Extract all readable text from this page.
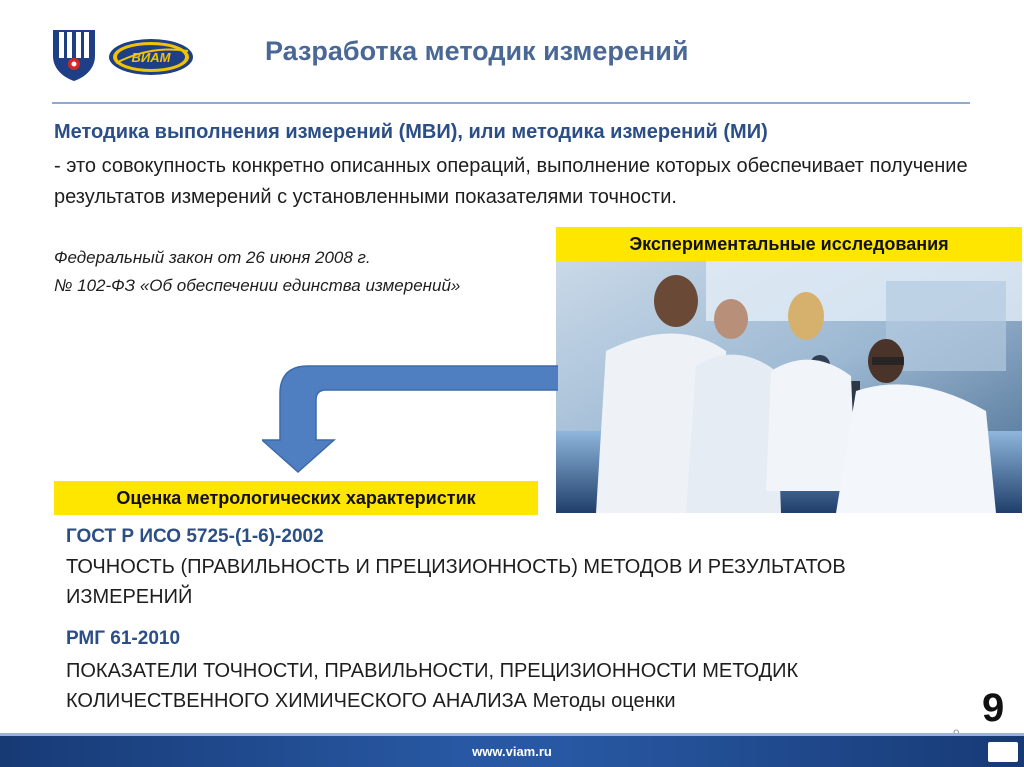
ВИАМ	Разработка методик измерений
Методика выполнения измерений (МВИ), или методика измерений (МИ)
- это совокупность конкретно описанных операций, выполнение которых обеспечивает получение результатов измерений с установленными показателями точности.
Федеральный закон от 26 июня 2008 г.
№ 102-ФЗ «Об обеспечении единства измерений»
Экспериментальные исследования
Оценка метрологических характеристик
ГОСТ Р ИСО 5725-(1-6)-2002
ТОЧНОСТЬ (ПРАВИЛЬНОСТЬ И ПРЕЦИЗИОННОСТЬ) МЕТОДОВ И РЕЗУЛЬТАТОВ ИЗМЕРЕНИЙ
РМГ 61-2010
ПОКАЗАТЕЛИ ТОЧНОСТИ, ПРАВИЛЬНОСТИ, ПРЕЦИЗИОННОСТИ МЕТОДИК КОЛИЧЕСТВЕННОГО ХИМИЧЕСКОГО АНАЛИЗА Методы оценки	9
www.viam.ru
